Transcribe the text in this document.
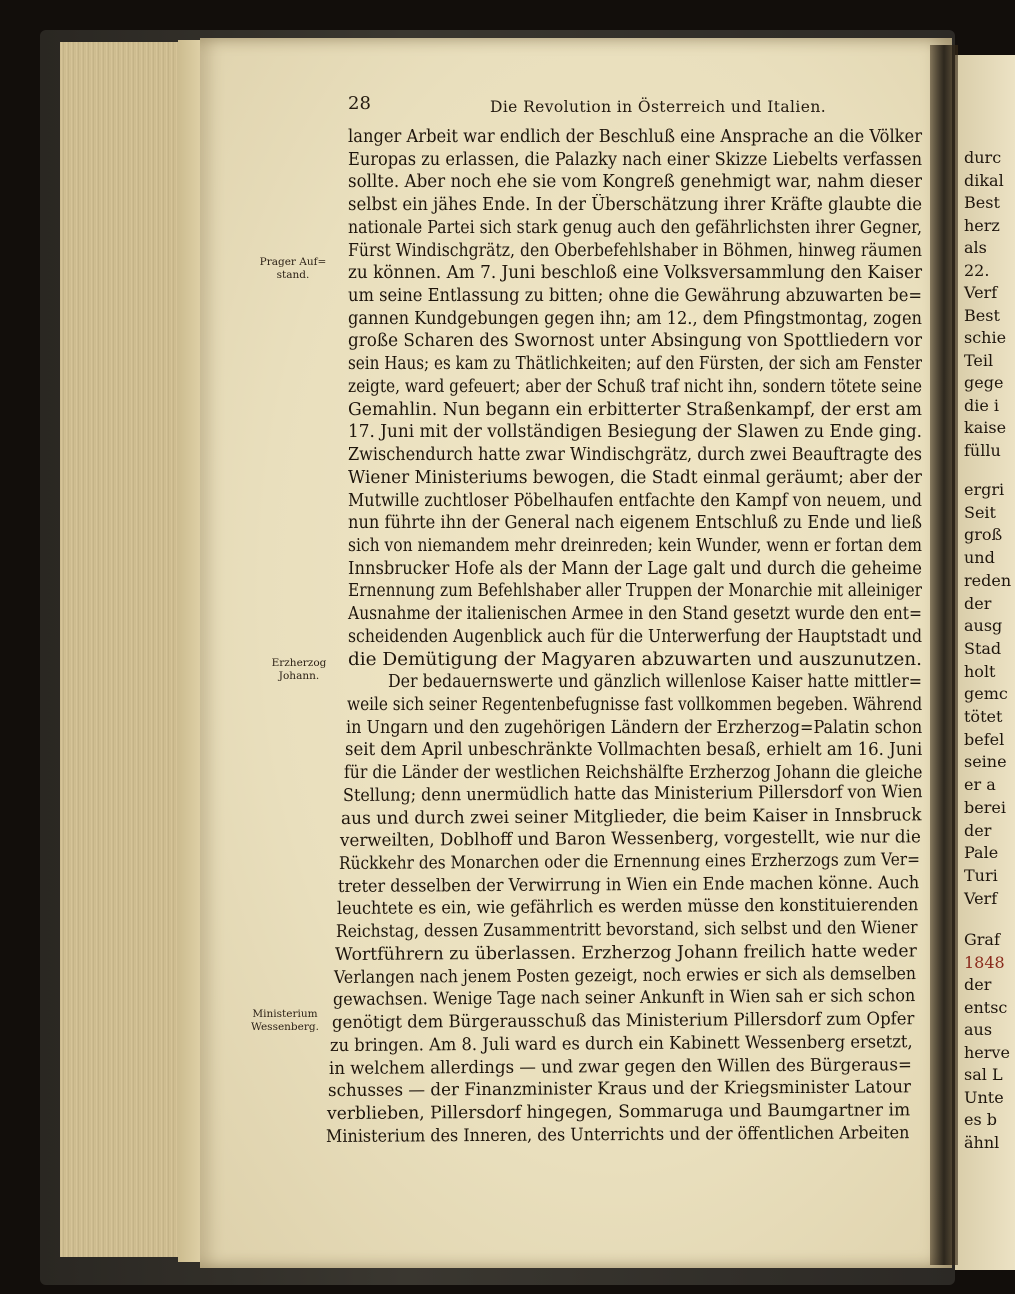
28	Die Revolution in Österreich und Italien.
langer Arbeit war endlich der Beschluß eine Ansprache an die Völker
Europas zu erlassen, die Palazky nach einer Skizze Liebelts verfassen
sollte. Aber noch ehe sie vom Kongreß genehmigt war, nahm dieser
selbst ein jähes Ende. In der Überschätzung ihrer Kräfte glaubte die
nationale Partei sich stark genug auch den gefährlichsten ihrer Gegner,
Fürst Windischgrätz, den Oberbefehlshaber in Böhmen, hinweg räumen
zu können. Am 7. Juni beschloß eine Volksversammlung den Kaiser
um seine Entlassung zu bitten; ohne die Gewährung abzuwarten be=
gannen Kundgebungen gegen ihn; am 12., dem Pfingstmontag, zogen
große Scharen des Swornost unter Absingung von Spottliedern vor
sein Haus; es kam zu Thätlichkeiten; auf den Fürsten, der sich am Fenster
zeigte, ward gefeuert; aber der Schuß traf nicht ihn, sondern tötete seine
Gemahlin. Nun begann ein erbitterter Straßenkampf, der erst am
17. Juni mit der vollständigen Besiegung der Slawen zu Ende ging.
Zwischendurch hatte zwar Windischgrätz, durch zwei Beauftragte des
Wiener Ministeriums bewogen, die Stadt einmal geräumt; aber der
Mutwille zuchtloser Pöbelhaufen entfachte den Kampf von neuem, und
nun führte ihn der General nach eigenem Entschluß zu Ende und ließ
sich von niemandem mehr dreinreden; kein Wunder, wenn er fortan dem
Innsbrucker Hofe als der Mann der Lage galt und durch die geheime
Ernennung zum Befehlshaber aller Truppen der Monarchie mit alleiniger
Ausnahme der italienischen Armee in den Stand gesetzt wurde den ent=
scheidenden Augenblick auch für die Unterwerfung der Hauptstadt und
die Demütigung der Magyaren abzuwarten und auszunutzen.
Der bedauernswerte und gänzlich willenlose Kaiser hatte mittler=
weile sich seiner Regentenbefugnisse fast vollkommen begeben. Während
in Ungarn und den zugehörigen Ländern der Erzherzog=Palatin schon
seit dem April unbeschränkte Vollmachten besaß, erhielt am 16. Juni
für die Länder der westlichen Reichshälfte Erzherzog Johann die gleiche
Stellung; denn unermüdlich hatte das Ministerium Pillersdorf von Wien
aus und durch zwei seiner Mitglieder, die beim Kaiser in Innsbruck
verweilten, Doblhoff und Baron Wessenberg, vorgestellt, wie nur die
Rückkehr des Monarchen oder die Ernennung eines Erzherzogs zum Ver=
treter desselben der Verwirrung in Wien ein Ende machen könne. Auch
leuchtete es ein, wie gefährlich es werden müsse den konstituierenden
Reichstag, dessen Zusammentritt bevorstand, sich selbst und den Wiener
Wortführern zu überlassen. Erzherzog Johann freilich hatte weder
Verlangen nach jenem Posten gezeigt, noch erwies er sich als demselben
gewachsen. Wenige Tage nach seiner Ankunft in Wien sah er sich schon
genötigt dem Bürgerausschuß das Ministerium Pillersdorf zum Opfer
zu bringen. Am 8. Juli ward es durch ein Kabinett Wessenberg ersetzt,
in welchem allerdings — und zwar gegen den Willen des Bürgeraus=
schusses — der Finanzminister Kraus und der Kriegsminister Latour
verblieben, Pillersdorf hingegen, Sommaruga und Baumgartner im
Ministerium des Inneren, des Unterrichts und der öffentlichen Arbeiten
Prager Auf=
stand.
Erzherzog
Johann.
Ministerium
Wessenberg.
durc
dikal
Best
herz
als
22.
Verf
Best
schie
Teil
gege
die i
kaise
füllu
ergri
Seit
groß
und
reden
der
ausg
Stad
holt
gemc
tötet
befel
seine
er a
berei
der
Pale
Turi
Verf
Graf
1848
der
entsc
aus
herve
sal L
Unte
es b
ähnl
